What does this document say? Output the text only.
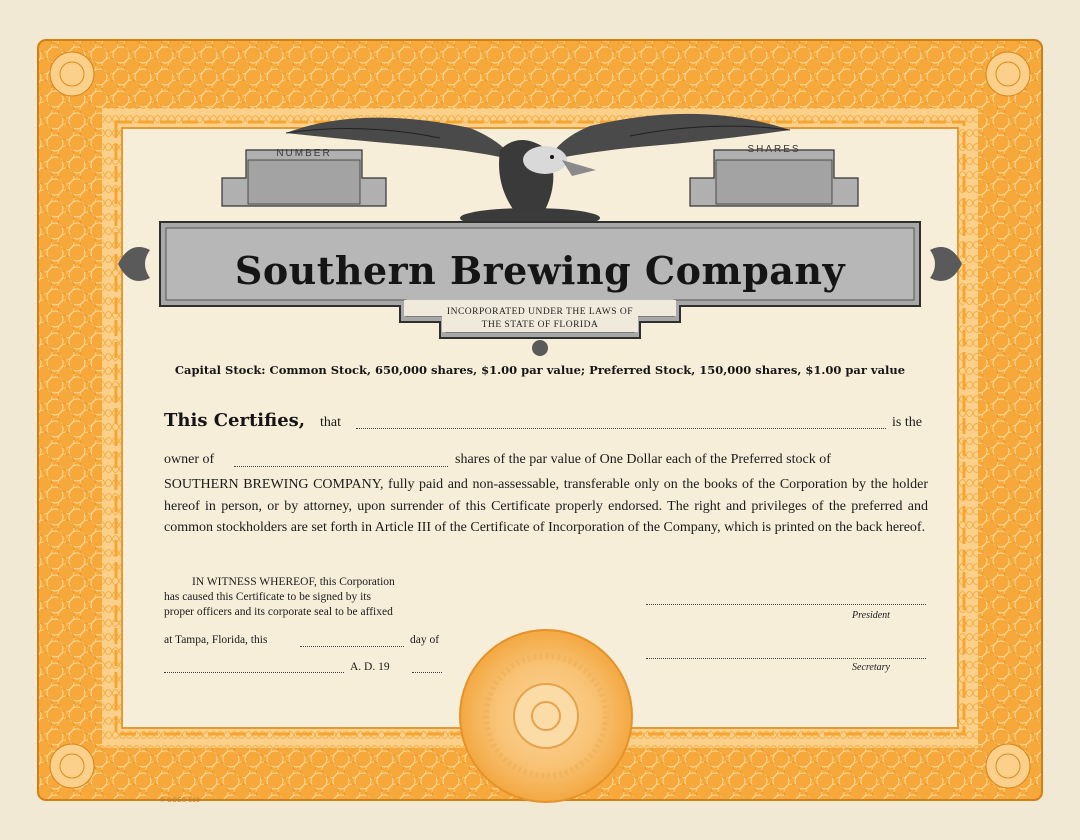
NUMBER	SHARES
Southern Brewing Company
INCORPORATED UNDER THE LAWS OF
THE STATE OF FLORIDA
Capital Stock: Common Stock, 650,000 shares, $1.00 par value; Preferred Stock, 150,000 shares, $1.00 par value
This Certifies, that	is the
owner of	shares of the par value of One Dollar each of the Preferred stock of
SOUTHERN BREWING COMPANY, fully paid and non-assessable, transferable only on the books of the Corporation by the holder hereof in person, or by attorney, upon surrender of this Certificate properly endorsed. The right and privileges of the preferred and common stockholders are set forth in Article III of the Certificate of Incorporation of the Company, which is printed on the back hereof.

IN WITNESS WHEREOF, this Corporation

has caused this Certificate to be signed by its

proper officers and its corporate seal to be affixed

at Tampa, Florida, this	day of
A. D. 19
President
Secretary
© GOES 513
